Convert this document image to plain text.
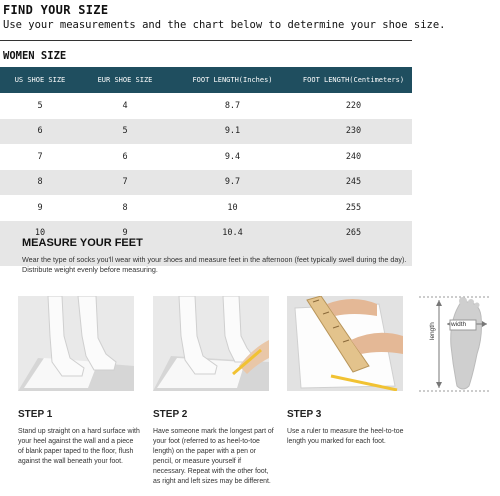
FIND YOUR SIZE
Use your measurements and the chart below to determine your shoe size.
WOMEN SIZE
US SHOE SIZE	EUR SHOE SIZE	FOOT LENGTH(Inches)	FOOT LENGTH(Centimeters)
5	4	8.7	220
6	5	9.1	230
7	6	9.4	240
8	7	9.7	245
9	8	10	255
10	9	10.4	265
MEASURE YOUR FEET
Wear the type of socks you'll wear with your shoes and measure feet in the afternoon (feet typically swell during the day). Distribute weight evenly before measuring.
width
length
STEP 1
Stand up straight on a hard surface with your heel against the wall and a piece of blank paper taped to the floor, flush against the wall beneath your foot.
STEP 2
Have someone mark the longest part of your foot (referred to as heel-to-toe length) on the paper with a pen or pencil, or measure yourself if necessary. Repeat with the other foot, as right and left sizes may be different.
STEP 3
Use a ruler to measure the heel-to-toe length you marked for each foot.
